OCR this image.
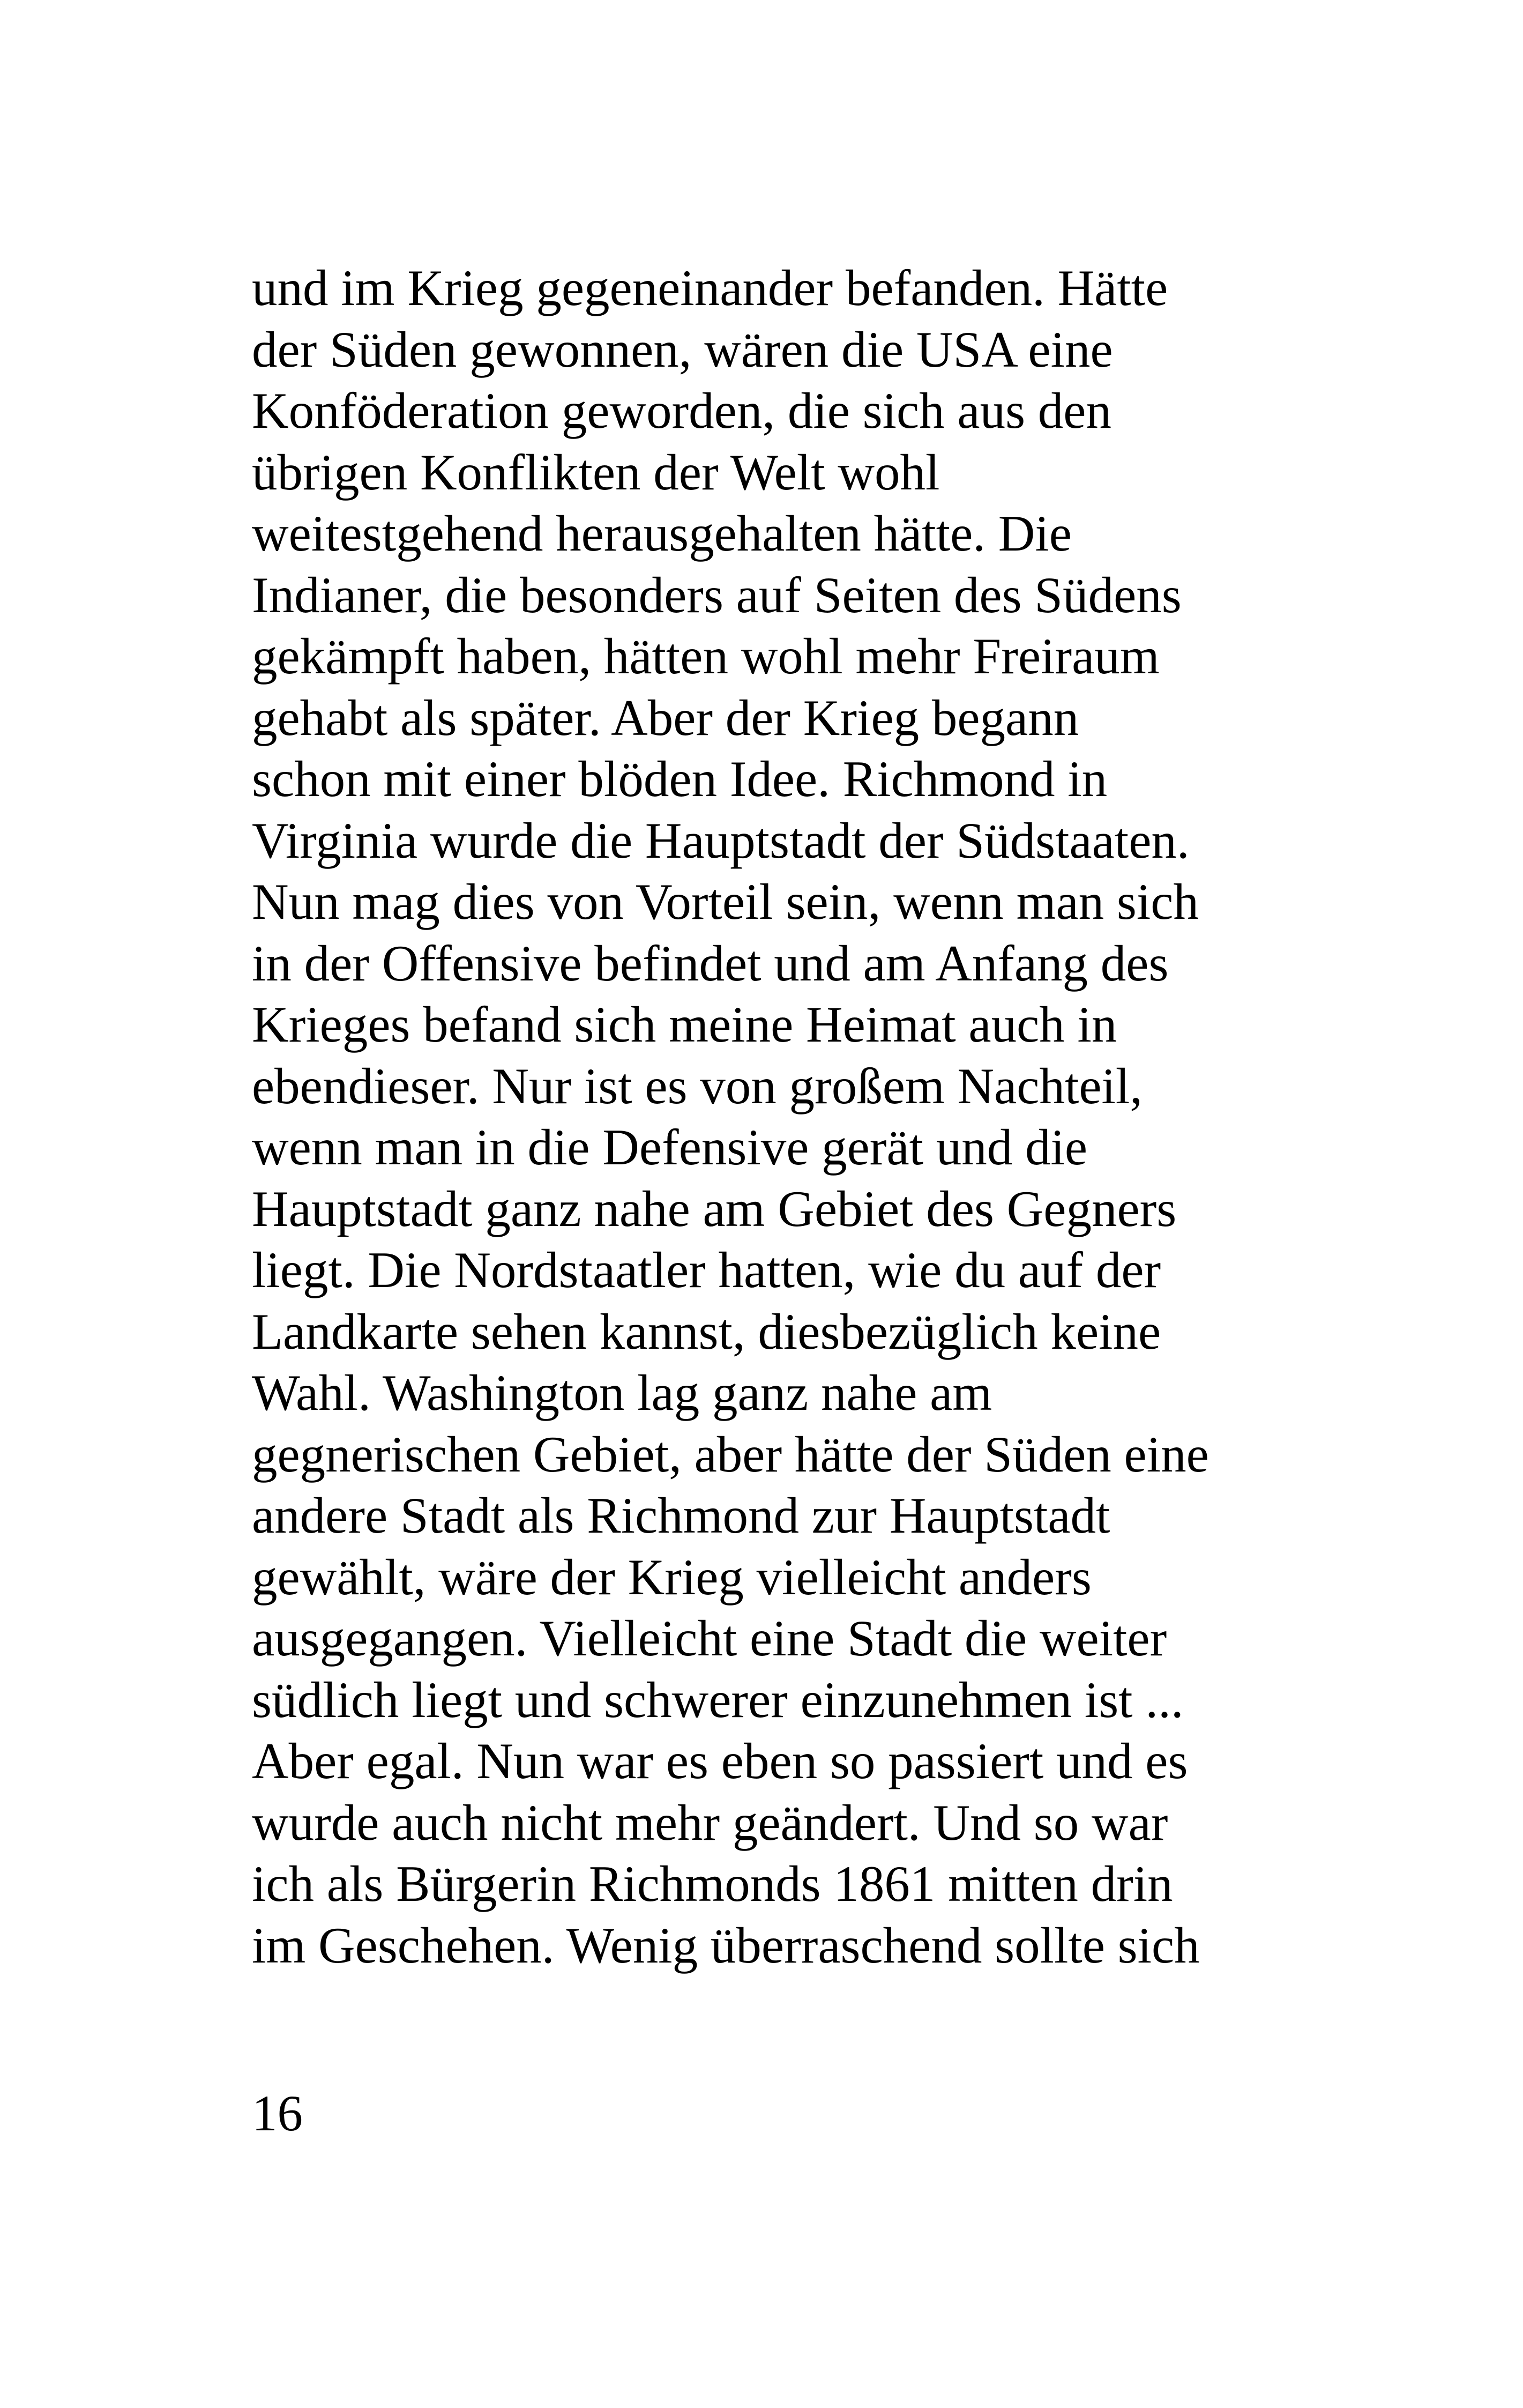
und im Krieg gegeneinander befanden. Hätte
der Süden gewonnen, wären die USA eine
Konföderation geworden, die sich aus den
übrigen Konflikten der Welt wohl
weitestgehend herausgehalten hätte. Die
Indianer, die besonders auf Seiten des Südens
gekämpft haben, hätten wohl mehr Freiraum
gehabt als später. Aber der Krieg begann
schon mit einer blöden Idee. Richmond in
Virginia wurde die Hauptstadt der Südstaaten.
Nun mag dies von Vorteil sein, wenn man sich
in der Offensive befindet und am Anfang des
Krieges befand sich meine Heimat auch in
ebendieser. Nur ist es von großem Nachteil,
wenn man in die Defensive gerät und die
Hauptstadt ganz nahe am Gebiet des Gegners
liegt. Die Nordstaatler hatten, wie du auf der
Landkarte sehen kannst, diesbezüglich keine
Wahl. Washington lag ganz nahe am
gegnerischen Gebiet, aber hätte der Süden eine
andere Stadt als Richmond zur Hauptstadt
gewählt, wäre der Krieg vielleicht anders
ausgegangen. Vielleicht eine Stadt die weiter
südlich liegt und schwerer einzunehmen ist ...
Aber egal. Nun war es eben so passiert und es
wurde auch nicht mehr geändert. Und so war
ich als Bürgerin Richmonds 1861 mitten drin
im Geschehen. Wenig überraschend sollte sich

16
